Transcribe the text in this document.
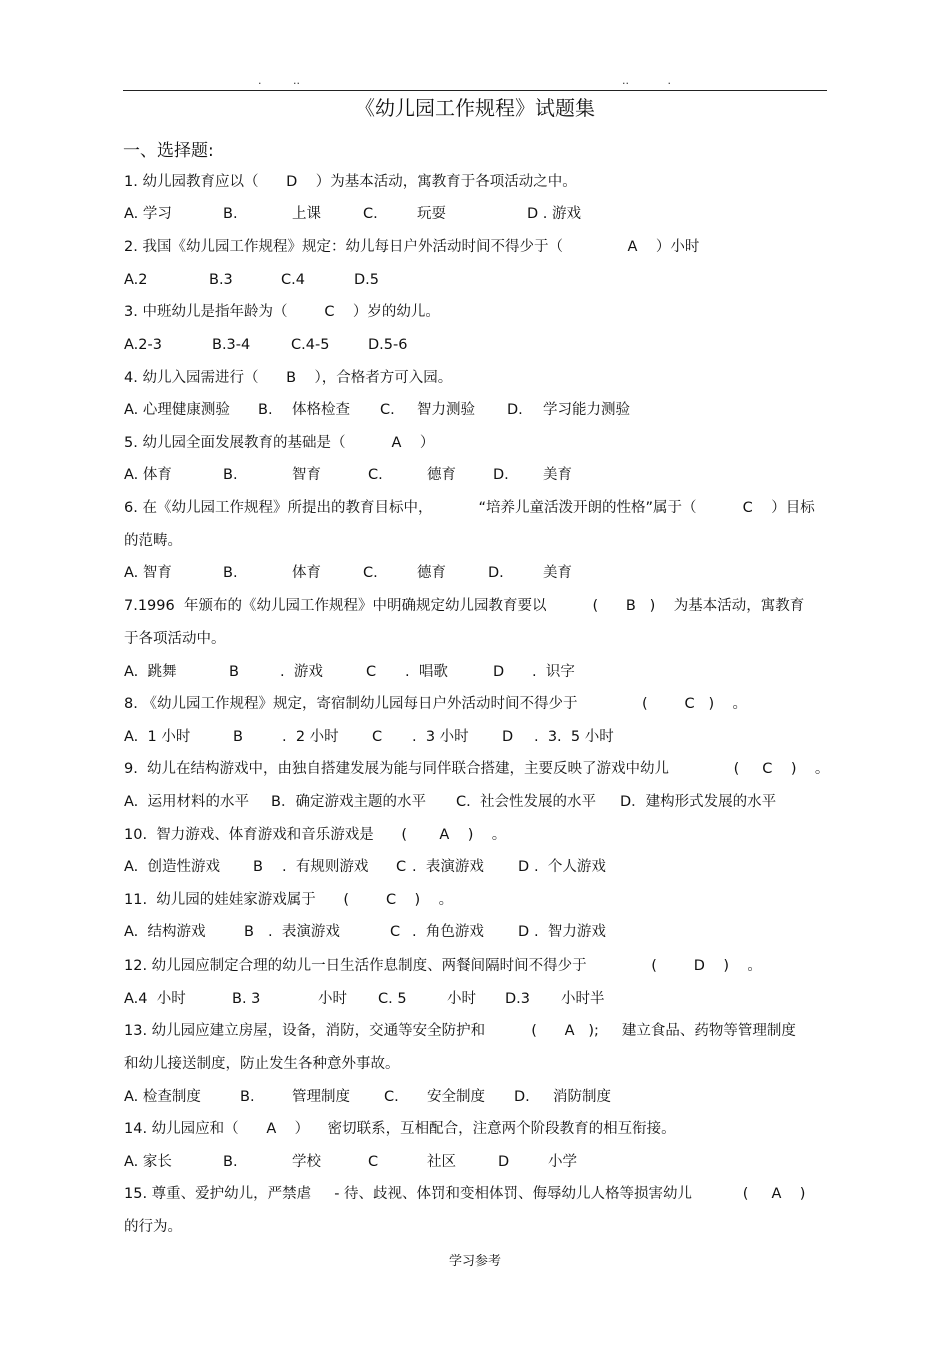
.         ..	..           .
《幼儿园工作规程》试题集
一、选择题:
1. 幼儿园教育应以（      D    ）为基本活动，寓教育于各项活动之中。
A. 学习	B.	上课	C.	玩耍	D . 游戏
2. 我国《幼儿园工作规程》规定：幼儿每日户外活动时间不得少于（              A    ）小时
A.2	B.3	C.4	D.5
3. 中班幼儿是指年龄为（        C    ）岁的幼儿。
A.2-3	B.3-4	C.4-5	D.5-6
4. 幼儿入园需进行（      B    ），合格者方可入园。
A. 心理健康测验 B. 体格检查 C. 智力测验 D. 学习能力测验
5. 幼儿园全面发展教育的基础是（          A    ）
A. 体育	B.	智育	C.	德育	D. 美育
6. 在《幼儿园工作规程》所提出的教育目标中，          “培养儿童活泼开朗的性格”属于（          C    ）目标
的范畴。
A. 智育	B.	体育	C.	德育	D.	美育
7.1996  年颁布的《幼儿园工作规程》中明确规定幼儿园教育要以          (      B   )    为基本活动，寓教育
于各项活动中。
A.  跳舞	B	.  游戏	C .  唱歌	D .  识字
8. 《幼儿园工作规程》规定，寄宿制幼儿园每日户外活动时间不得少于              (        C   )    。
A.  1 小时	B	.  2 小时 C .  3 小时 D .  3.  5 小时
9.  幼儿在结构游戏中，由独自搭建发展为能与同伴联合搭建，主要反映了游戏中幼儿              (     C    )    。
A.  运用材料的水平 B．确定游戏主题的水平 C.  社会性发展的水平 D．建构形式发展的水平
10.  智力游戏、体育游戏和音乐游戏是      (       A    )    。
A.  创造性游戏 B .  有规则游戏 C .  表演游戏 D .  个人游戏
11.  幼儿园的娃娃家游戏属于      (        C    )    。
A.  结构游戏	B .  表演游戏	C .  角色游戏 D .  智力游戏
12. 幼儿园应制定合理的幼儿一日生活作息制度、两餐间隔时间不得少于              (        D    )    。
A.4  小时	B. 3	小时 C. 5	小时 D.3 小时半
13. 幼儿园应建立房屋，设备，消防，交通等安全防护和          (      A   );     建立食品、药物等管理制度
和幼儿接送制度，防止发生各种意外事故。
A. 检查制度	B.	管理制度 C. 安全制度 D. 消防制度
14. 幼儿园应和（      A    ）    密切联系，互相配合，注意两个阶段教育的相互衔接。
A. 家长	B.	学校	C	社区	D	小学
15. 尊重、爱护幼儿，严禁虐     - 待、歧视、体罚和变相体罚、侮辱幼儿人格等损害幼儿           (     A    )
的行为。
学习参考
